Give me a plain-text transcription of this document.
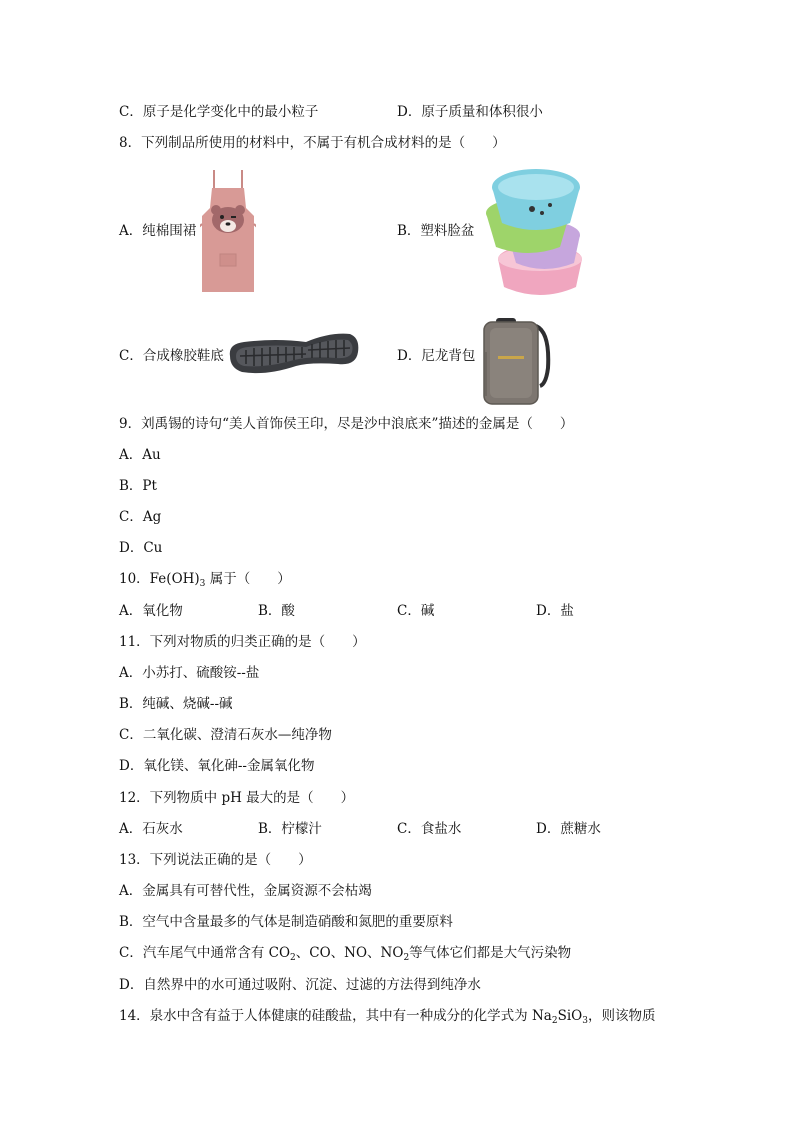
C．原子是化学变化中的最小粒子	D．原子质量和体积很小
8．下列制品所使用的材料中，不属于有机合成材料的是（　　）
A．纯棉围裙	B．塑料脸盆
C．合成橡胶鞋底	D．尼龙背包
9．刘禹锡的诗句“美人首饰侯王印，尽是沙中浪底来”描述的金属是（　　）
A．Au
B．Pt
C．Ag
D．Cu
10．$Fe(OH)_3$ 属于（　　）
A．氧化物	B．酸	C．碱	D．盐
11．下列对物质的归类正确的是（　　）
A．小苏打、硫酸铵--盐
B．纯碱、烧碱--碱
C．二氧化碳、澄清石灰水—纯净物
D．氧化镁、氧化砷--金属氧化物
12．下列物质中 pH 最大的是（　　）
A．石灰水	B．柠檬汁	C．食盐水	D．蔗糖水
13．下列说法正确的是（　　）
A．金属具有可替代性，金属资源不会枯竭
B．空气中含量最多的气体是制造硝酸和氮肥的重要原料
C．汽车尾气中通常含有 $CO_2$、CO、NO、$NO_2$等气体它们都是大气污染物
D．自然界中的水可通过吸附、沉淀、过滤的方法得到纯净水
14．泉水中含有益于人体健康的硅酸盐，其中有一种成分的化学式为 $Na_2SiO_3$，则该物质
